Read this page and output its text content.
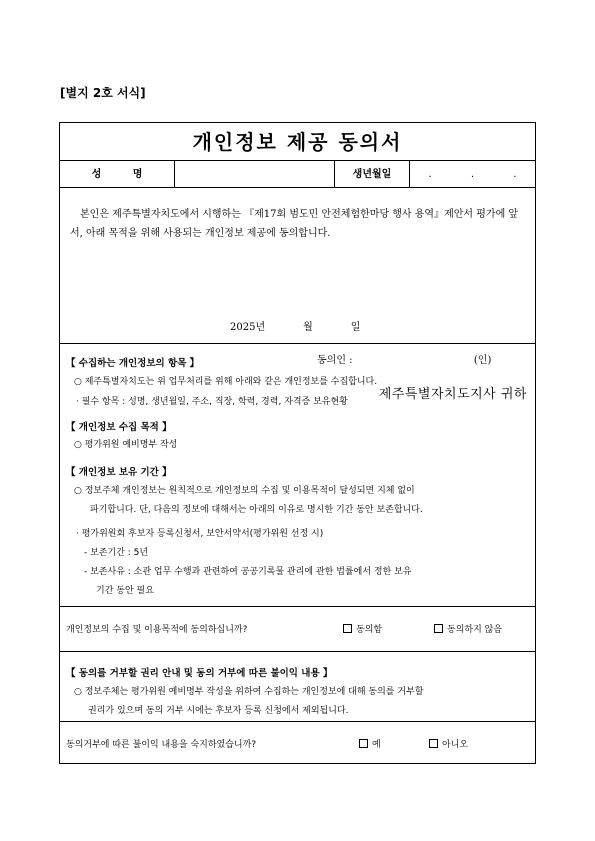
[별지 2호 서식]
개인정보 제공 동의서
성 명	생년월일	. . .
본인은 제주특별자치도에서 시행하는 『제17회 범도민 안전체험한마당 행사 용역』제안서 평가에 앞서, 아래 목적을 위해 사용되는 개인정보 제공에 동의합니다.
2025년	월	일
동의인 :	(인)
제주특별자치도지사 귀하
【 수집하는 개인정보의 항목 】
○ 제주특별자치도는 위 업무처리를 위해 아래와 같은 개인정보를 수집합니다.
· 필수 항목 : 성명, 생년월일, 주소, 직장, 학력, 경력, 자격증 보유현황
【 개인정보 수집 목적 】
○ 평가위원 예비명부 작성
【 개인정보 보유 기간 】
○ 정보주체 개인정보는 원칙적으로 개인정보의 수집 및 이용목적이 달성되면 지체 없이
파기합니다. 단, 다음의 정보에 대해서는 아래의 이유로 명시한 기간 동안 보존합니다.
· 평가위원회 후보자 등록신청서, 보안서약서(평가위원 선정 시)
- 보존기간 : 5년
- 보존사유 : 소관 업무 수행과 관련하여 공공기록물 관리에 관한 법률에서 정한 보유
기간 동안 필요
개인정보의 수집 및 이용목적에 동의하십니까?	동의함	동의하지 않음
【 동의를 거부할 권리 안내 및 동의 거부에 따른 불이익 내용 】
○ 정보주체는 평가위원 예비명부 작성을 위하여 수집하는 개인정보에 대해 동의를 거부할
권리가 있으며 동의 거부 시에는 후보자 등록 신청에서 제외됩니다.
동의거부에 따른 불이익 내용을 숙지하였습니까?	예	아니오
